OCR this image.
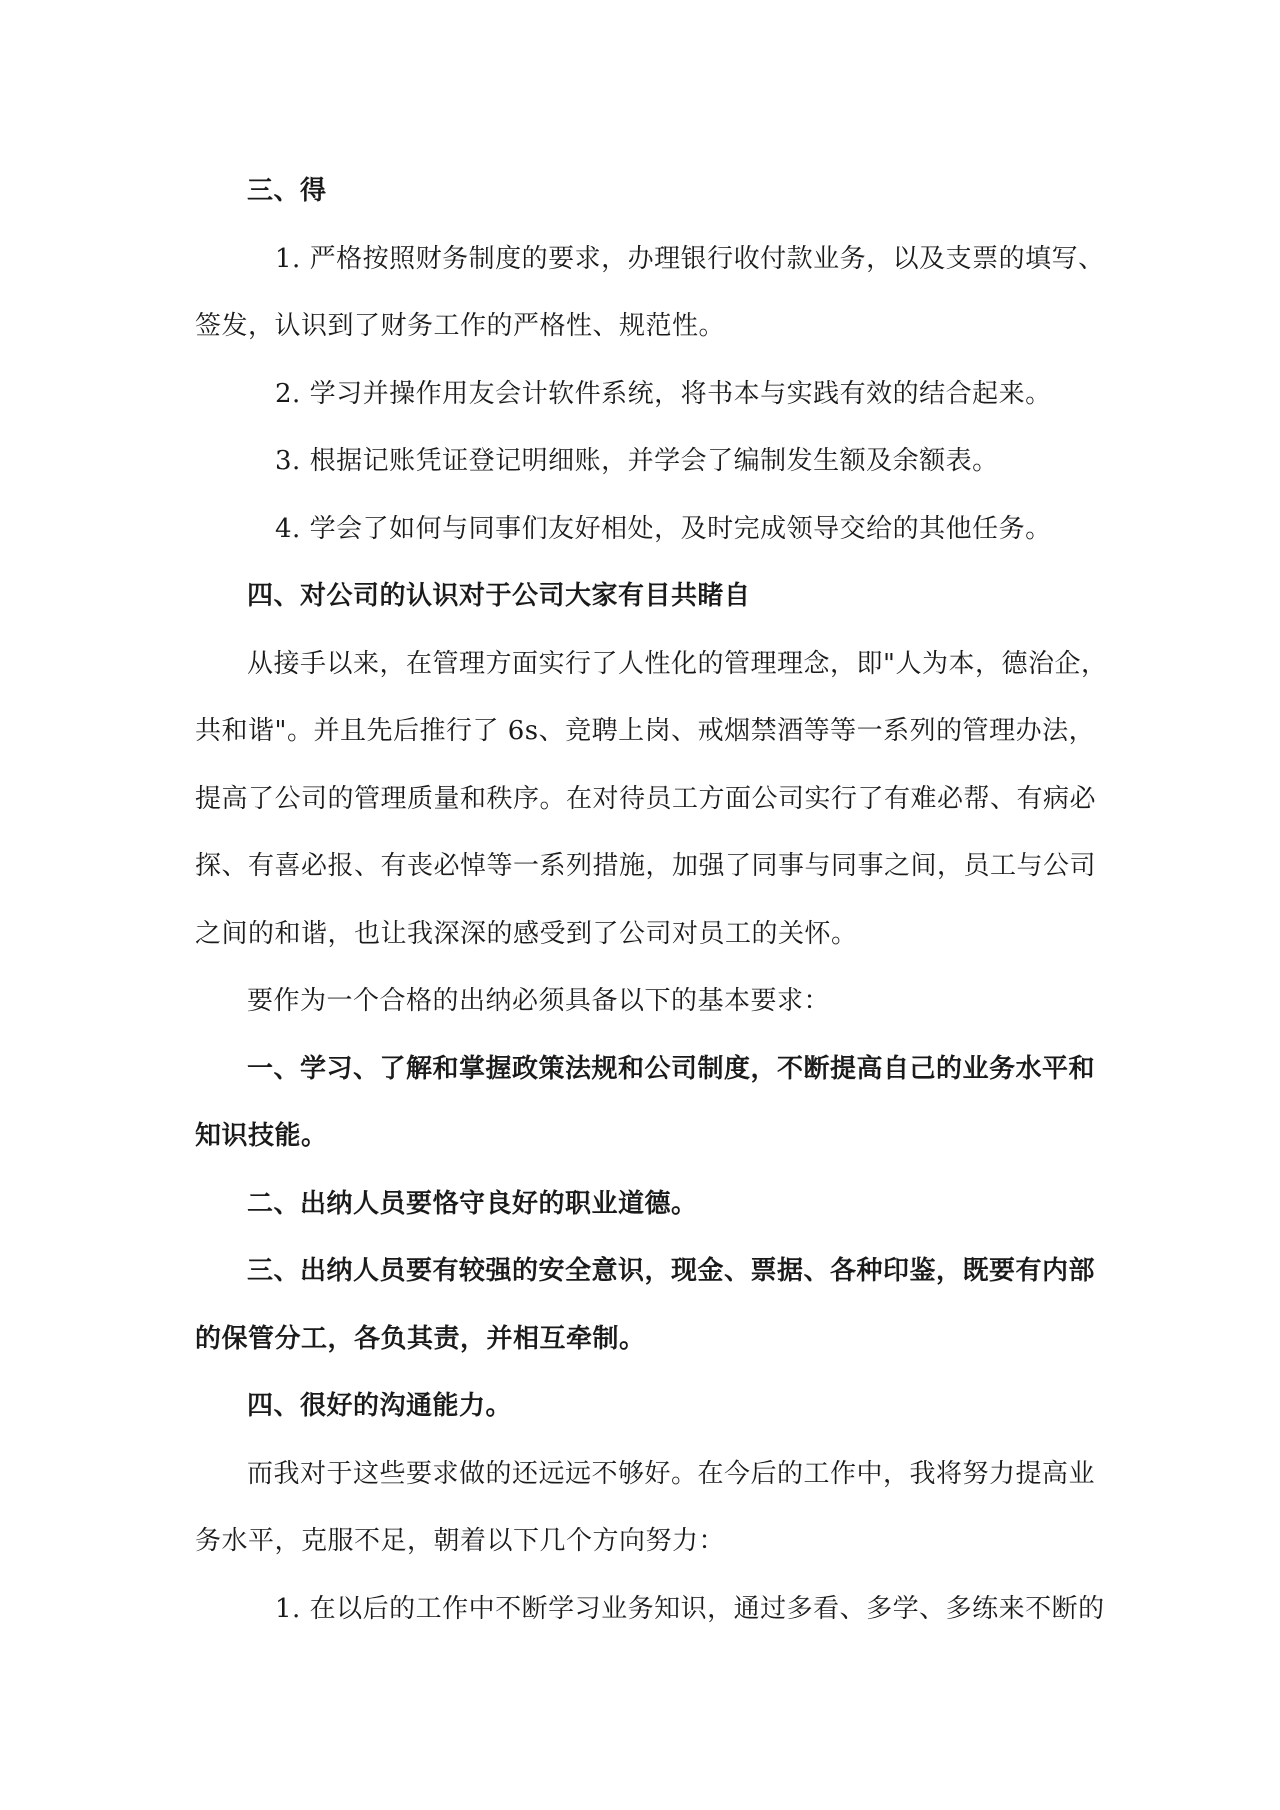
三、得
1. 严格按照财务制度的要求，办理银行收付款业务，以及支票的填写、
签发，认识到了财务工作的严格性、规范性。
2. 学习并操作用友会计软件系统，将书本与实践有效的结合起来。
3. 根据记账凭证登记明细账，并学会了编制发生额及余额表。
4. 学会了如何与同事们友好相处，及时完成领导交给的其他任务。
四、对公司的认识对于公司大家有目共睹自
从接手以来，在管理方面实行了人性化的管理理念，即"人为本，德治企，
共和谐"。并且先后推行了 6s、竞聘上岗、戒烟禁酒等等一系列的管理办法，
提高了公司的管理质量和秩序。在对待员工方面公司实行了有难必帮、有病必
探、有喜必报、有丧必悼等一系列措施，加强了同事与同事之间，员工与公司
之间的和谐，也让我深深的感受到了公司对员工的关怀。
要作为一个合格的出纳必须具备以下的基本要求：
一、学习、了解和掌握政策法规和公司制度，不断提高自己的业务水平和
知识技能。
二、出纳人员要恪守良好的职业道德。
三、出纳人员要有较强的安全意识，现金、票据、各种印鉴，既要有内部
的保管分工，各负其责，并相互牵制。
四、很好的沟通能力。
而我对于这些要求做的还远远不够好。在今后的工作中，我将努力提高业
务水平，克服不足，朝着以下几个方向努力：
1. 在以后的工作中不断学习业务知识，通过多看、多学、多练来不断的
